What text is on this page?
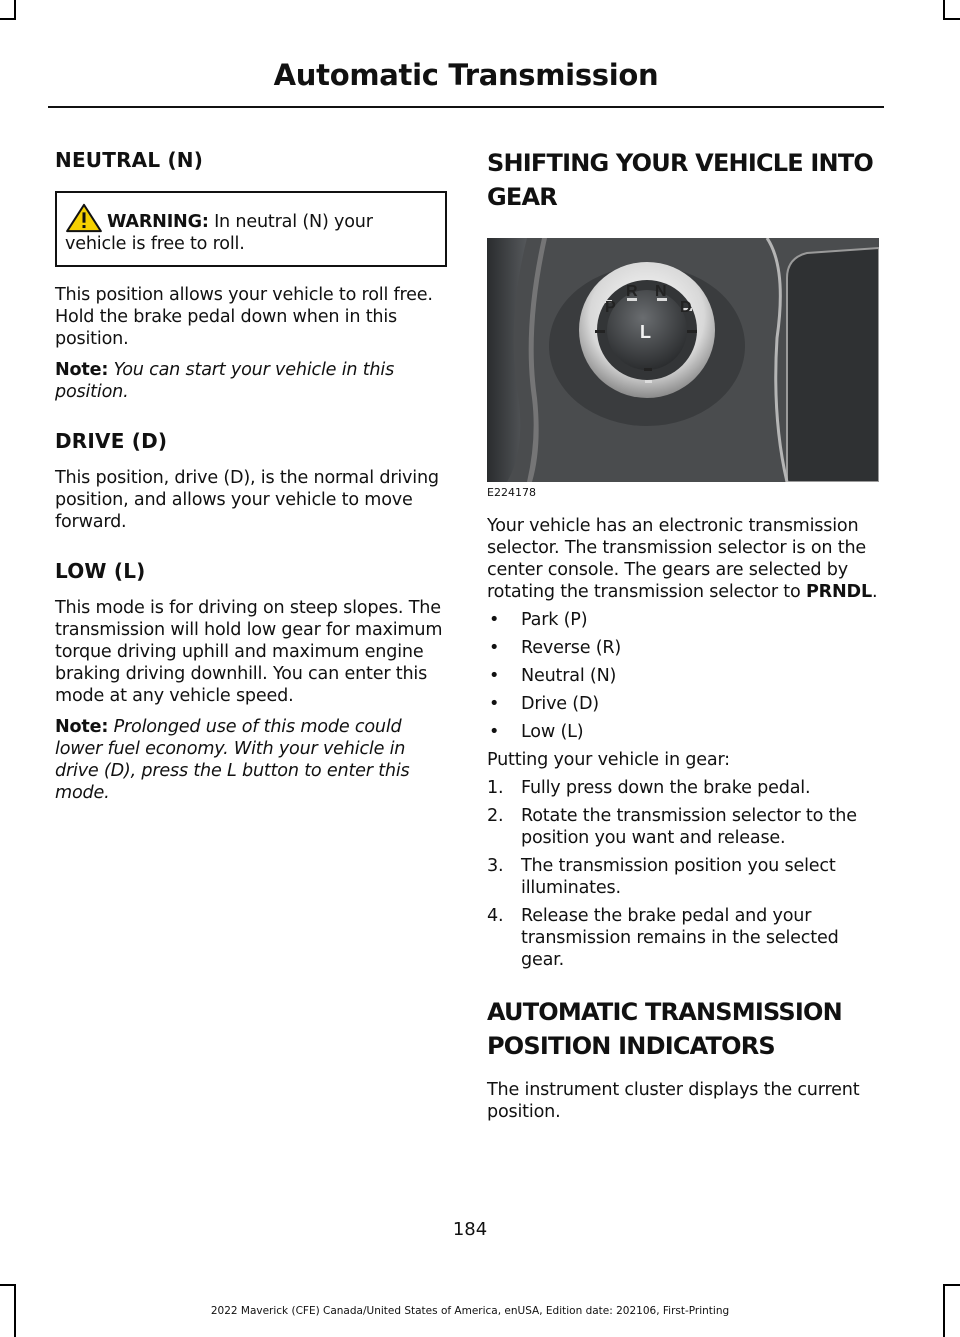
Automatic Transmission
NEUTRAL (N)

WARNING: In neutral (N) your vehicle is free to roll.

This position allows your vehicle to roll free. Hold the brake pedal down when in this position.

Note: You can start your vehicle in this position.

DRIVE (D)

This position, drive (D), is the normal driving position, and allows your vehicle to move forward.

LOW (L)

This mode is for driving on steep slopes. The transmission will hold low gear for maximum torque driving uphill and maximum engine braking driving downhill. You can enter this mode at any vehicle speed.

Note: Prolonged use of this mode could lower fuel economy. With your vehicle in drive (D), press the L button to enter this mode.

SHIFTING YOUR VEHICLE INTO
GEAR
P
R N
D
L
E224178

Your vehicle has an electronic transmission selector. The transmission selector is on the center console. The gears are selected by rotating the transmission selector to PRNDL.

• Park (P)
• Reverse (R)
• Neutral (N)
• Drive (D)
• Low (L)

Putting your vehicle in gear:

1. Fully press down the brake pedal.
2. Rotate the transmission selector to the position you want and release.
3. The transmission position you select illuminates.
4. Release the brake pedal and your transmission remains in the selected gear.
AUTOMATIC TRANSMISSION
POSITION INDICATORS

The instrument cluster displays the current position.

184
2022 Maverick (CFE) Canada/United States of America, enUSA, Edition date: 202106, First-Printing
